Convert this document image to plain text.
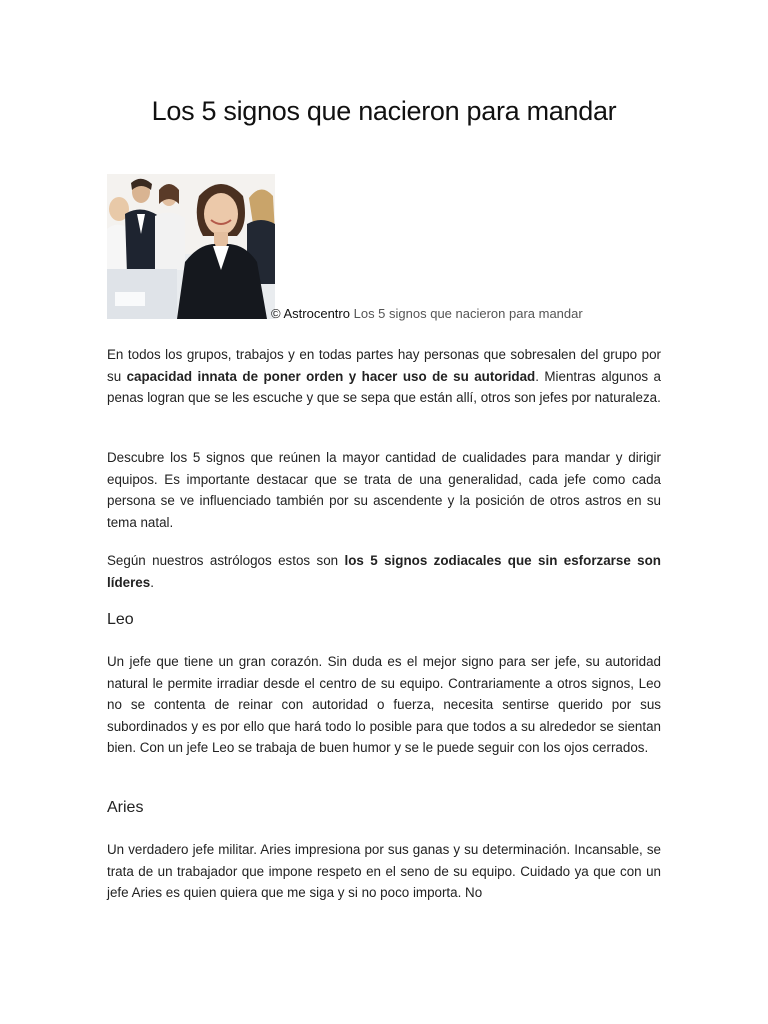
Los 5 signos que nacieron para mandar
© Astrocentro Los 5 signos que nacieron para mandar

En todos los grupos, trabajos y en todas partes hay personas que sobresalen del grupo por su capacidad innata de poner orden y hacer uso de su autoridad. Mientras algunos a penas logran que se les escuche y que se sepa que están allí, otros son jefes por naturaleza.

Descubre los 5 signos que reúnen la mayor cantidad de cualidades para mandar y dirigir equipos. Es importante destacar que se trata de una generalidad, cada jefe como cada persona se ve influenciado también por su ascendente y la posición de otros astros en su tema natal.

Según nuestros astrólogos estos son los 5 signos zodiacales que sin esforzarse son líderes.

Leo

Un jefe que tiene un gran corazón. Sin duda es el mejor signo para ser jefe, su autoridad natural le permite irradiar desde el centro de su equipo. Contrariamente a otros signos, Leo no se contenta de reinar con autoridad o fuerza, necesita sentirse querido por sus subordinados y es por ello que hará todo lo posible para que todos a su alrededor se sientan bien. Con un jefe Leo se trabaja de buen humor y se le puede seguir con los ojos cerrados.

Aries

Un verdadero jefe militar. Aries impresiona por sus ganas y su determinación. Incansable, se trata de un trabajador que impone respeto en el seno de su equipo. Cuidado ya que con un jefe Aries es quien quiera que me siga y si no poco importa. No
